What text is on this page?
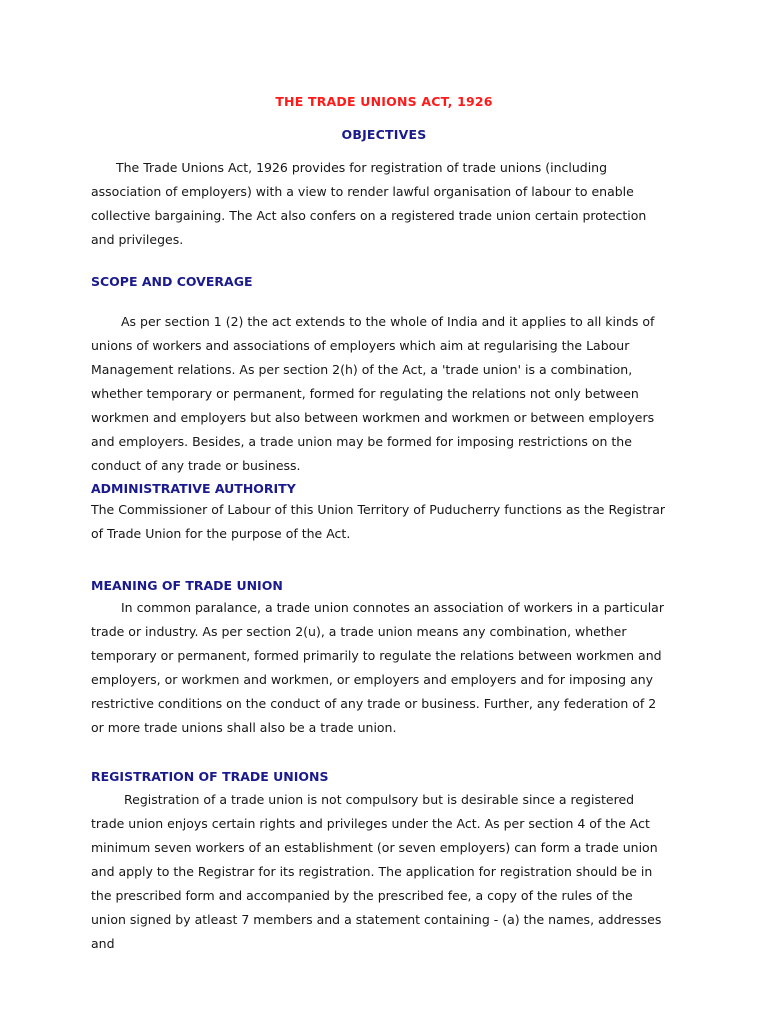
THE TRADE UNIONS ACT, 1926
OBJECTIVES

The Trade Unions Act, 1926 provides for registration of trade unions (including association of employers) with a view to render lawful organisation of labour to enable collective bargaining. The Act also confers on a registered trade union certain protection and privileges.

SCOPE AND COVERAGE

As per section 1 (2) the act extends to the whole of India and it applies to all kinds of unions of workers and associations of employers which aim at regularising the Labour Management relations. As per section 2(h) of the Act, a 'trade union' is a combination, whether temporary or permanent, formed for regulating the relations not only between workmen and employers but also between workmen and workmen or between employers and employers. Besides, a trade union may be formed for imposing restrictions on the conduct of any trade or business.

ADMINISTRATIVE AUTHORITY

The Commissioner of Labour of this Union Territory of Puducherry functions as the Registrar of Trade Union for the purpose of the Act.

MEANING OF TRADE UNION

In common paralance, a trade union connotes an association of workers in a particular trade or industry. As per section 2(u), a trade union means any combination, whether temporary or permanent, formed primarily to regulate the relations between workmen and employers, or workmen and workmen, or employers and employers and for imposing any restrictive conditions on the conduct of any trade or business. Further, any federation of 2 or more trade unions shall also be a trade union.

REGISTRATION OF TRADE UNIONS

Registration of a trade union is not compulsory but is desirable since a registered trade union enjoys certain rights and privileges under the Act. As per section 4 of the Act minimum seven workers of an establishment (or seven employers) can form a trade union and apply to the Registrar for its registration. The application for registration should be in the prescribed form and accompanied by the prescribed fee, a copy of the rules of the union signed by atleast 7 members and a statement containing - (a) the names, addresses and
